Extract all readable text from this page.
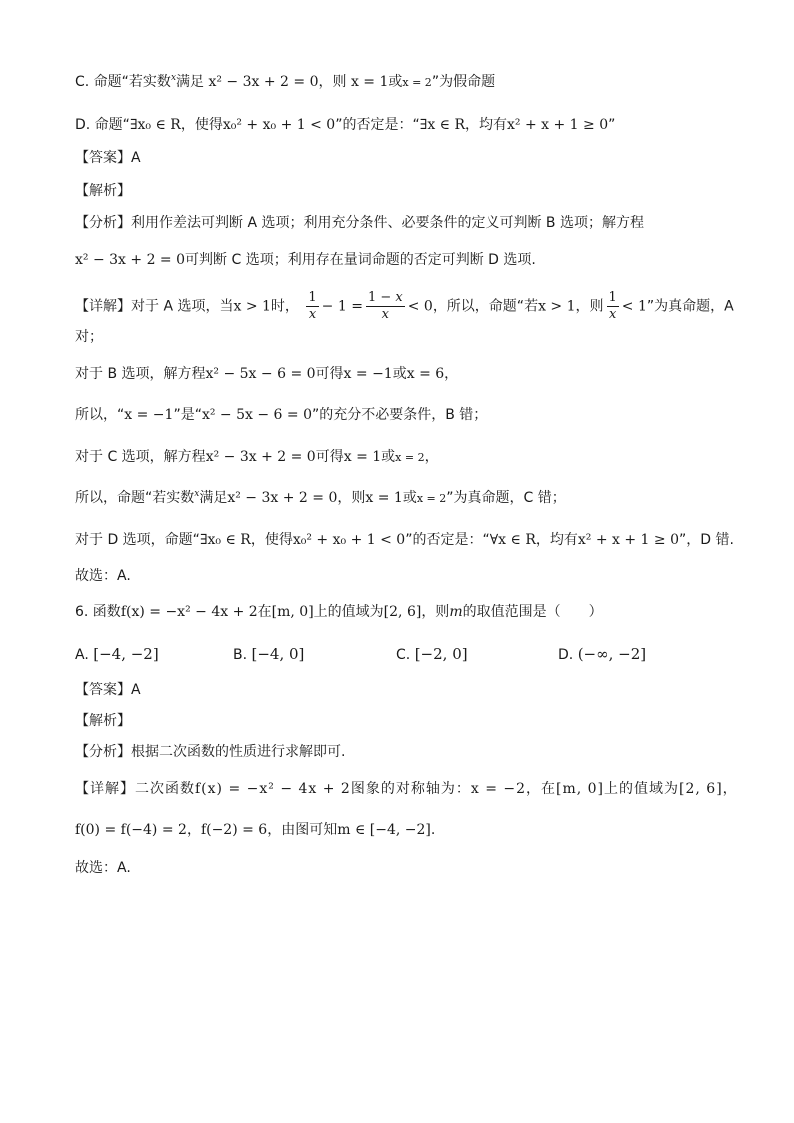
C. 命题“若实数$^x$满足 x² − 3x + 2 = 0，则 x = 1或x = 2”为假命题
D. 命题“∃x₀ ∈ R，使得x₀² + x₀ + 1 < 0”的否定是：“∃x ∈ R，均有x² + x + 1 ≥ 0”
【答案】A
【解析】
【分析】利用作差法可判断 A 选项；利用充分条件、必要条件的定义可判断 B 选项；解方程
x² − 3x + 2 = 0可判断 C 选项；利用存在量词命题的否定可判断 D 选项.
【详解】对于 A 选项，当x > 1时， $\frac{1}{x} - 1 = \frac{1 - x}{x} < 0$，所以，命题“若x > 1，则 $\frac{1}{x} < 1$”为真命题，A
对；
对于 B 选项，解方程x² − 5x − 6 = 0可得x = −1或x = 6，
所以，“x = −1”是“x² − 5x − 6 = 0”的充分不必要条件，B 错；
对于 C 选项，解方程x² − 3x + 2 = 0可得x = 1或x = 2，
所以，命题“若实数$^x$满足x² − 3x + 2 = 0，则x = 1或x = 2”为真命题，C 错；
对于 D 选项，命题“∃x₀ ∈ R，使得x₀² + x₀ + 1 < 0”的否定是：“∀x ∈ R，均有x² + x + 1 ≥ 0”，D 错.
故选：A.
6. 函数f(x) = −x² − 4x + 2在[m, 0]上的值域为[2, 6]，则m的取值范围是（　　）
A. [−4, −2]	B. [−4, 0]	C. [−2, 0]	D. (−∞, −2]
【答案】A
【解析】
【分析】根据二次函数的性质进行求解即可.
【详解】二次函数f(x) = −x² − 4x + 2图象的对称轴为：x = −2，在[m, 0]上的值域为[2, 6]，
f(0) = f(−4) = 2，f(−2) = 6，由图可知m ∈ [−4, −2].
故选：A.
